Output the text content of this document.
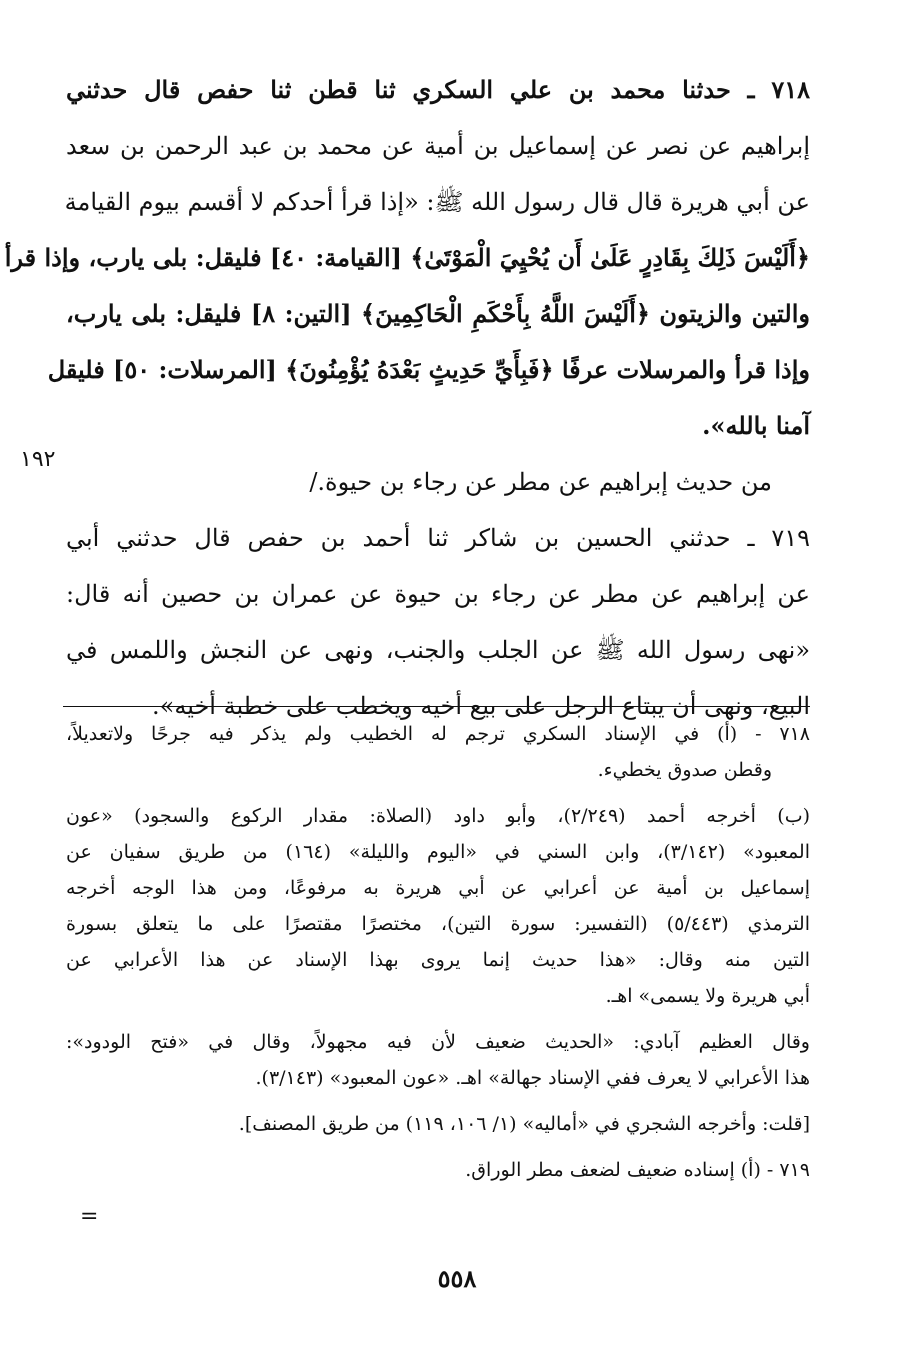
٧١٨ ـ حدثنا محمد بن علي السكري ثنا قطن ثنا حفص قال حدثني
إبراهيم عن نصر عن إسماعيل بن أمية عن محمد بن عبد الرحمن بن سعد
عن أبي هريرة قال قال رسول الله ﷺ: «إذا قرأ أحدكم لا أقسم بيوم القيامة
﴿أَلَيْسَ ذَلِكَ بِقَادِرٍ عَلَىٰ أَن يُحْيِيَ الْمَوْتَىٰ﴾ [القيامة: ٤٠] فليقل: بلى يارب، وإذا قرأ
والتين والزيتون ﴿أَلَيْسَ اللَّهُ بِأَحْكَمِ الْحَاكِمِينَ﴾ [التين: ٨] فليقل: بلى يارب،
وإذا قرأ والمرسلات عرفًا ﴿فَبِأَيِّ حَدِيثٍ بَعْدَهُ يُؤْمِنُونَ﴾ [المرسلات: ٥٠] فليقل
آمنا بالله».
من حديث إبراهيم عن مطر عن رجاء بن حيوة./
٧١٩ ـ حدثني الحسين بن شاكر ثنا أحمد بن حفص قال حدثني أبي
عن إبراهيم عن مطر عن رجاء بن حيوة عن عمران بن حصين أنه قال:
«نهى رسول الله ﷺ عن الجلب والجنب، ونهى عن النجش واللمس في
البيع، ونهى أن يبتاع الرجل على بيع أخيه ويخطب على خطبة أخيه».
١٩٢
٧١٨ - (أ) في الإسناد السكري ترجم له الخطيب ولم يذكر فيه جرحًا ولاتعديلاً،
وقطن صدوق يخطيء.
(ب) أخرجه أحمد (٢/٢٤٩)، وأبو داود (الصلاة: مقدار الركوع والسجود) «عون
المعبود» (٣/١٤٢)، وابن السني في «اليوم والليلة» (١٦٤) من طريق سفيان عن
إسماعيل بن أمية عن أعرابي عن أبي هريرة به مرفوعًا، ومن هذا الوجه أخرجه
الترمذي (٥/٤٤٣) (التفسير: سورة التين)، مختصرًا مقتصرًا على ما يتعلق بسورة
التين منه وقال: «هذا حديث إنما يروى بهذا الإسناد عن هذا الأعرابي عن
أبي هريرة ولا يسمى» اهـ.
وقال العظيم آبادي: «الحديث ضعيف لأن فيه مجهولاً، وقال في «فتح الودود»:
هذا الأعرابي لا يعرف ففي الإسناد جهالة» اهـ. «عون المعبود» (٣/١٤٣).
[قلت: وأخرجه الشجري في «أماليه» (١/ ١٠٦، ١١٩) من طريق المصنف].
٧١٩ - (أ) إسناده ضعيف لضعف مطر الوراق.
=
٥٥٨
